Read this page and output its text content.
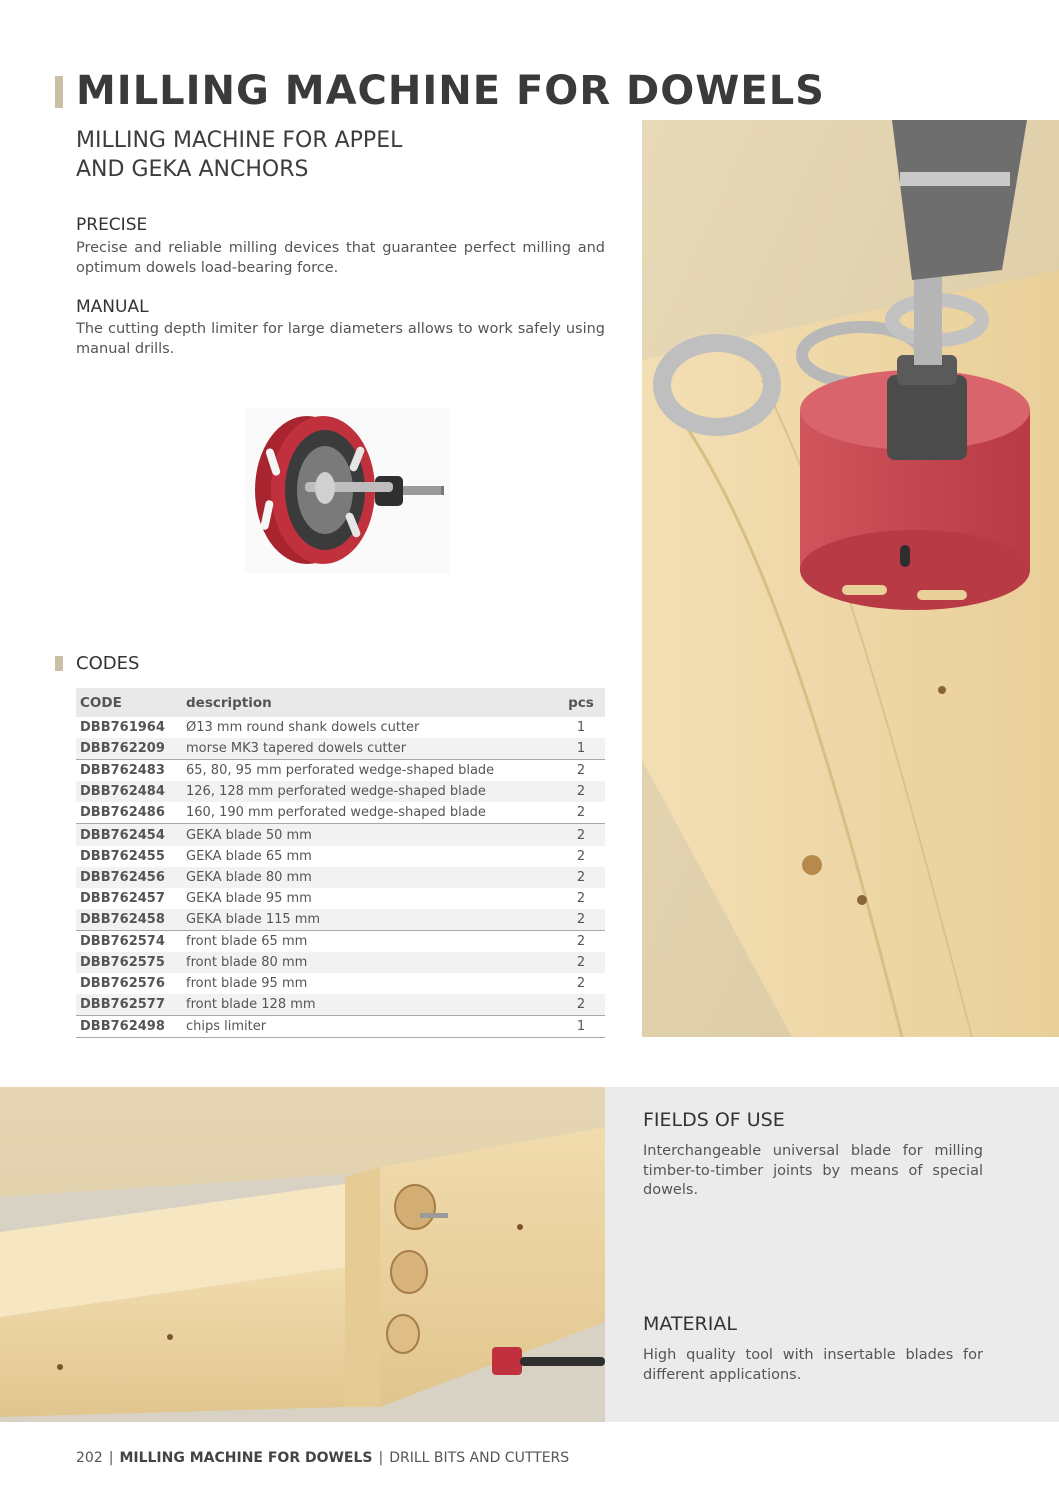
MILLING MACHINE FOR DOWELS
MILLING MACHINE FOR APPEL
AND GEKA ANCHORS
PRECISE

Precise and reliable milling devices that guarantee perfect milling and optimum dowels load-bearing force.

MANUAL

The cutting depth limiter for large diameters allows to work safely using manual drills.

CODES
CODE	description	pcs
DBB761964	Ø13 mm round shank dowels cutter	1
DBB762209	morse MK3 tapered dowels cutter	1
DBB762483	65, 80, 95 mm perforated wedge-shaped blade	2
DBB762484	126, 128 mm perforated wedge-shaped blade	2
DBB762486	160, 190 mm perforated wedge-shaped blade	2
DBB762454	GEKA blade 50 mm	2
DBB762455	GEKA blade 65 mm	2
DBB762456	GEKA blade 80 mm	2
DBB762457	GEKA blade 95 mm	2
DBB762458	GEKA blade 115 mm	2
DBB762574	front blade 65 mm	2
DBB762575	front blade 80 mm	2
DBB762576	front blade 95 mm	2
DBB762577	front blade 128 mm	2
DBB762498	chips limiter	1
FIELDS OF USE

Interchangeable universal blade for milling timber-to-timber joints by means of special dowels.

MATERIAL

High quality tool with insertable blades for different applications.

202 | MILLING MACHINE FOR DOWELS | DRILL BITS AND CUTTERS
